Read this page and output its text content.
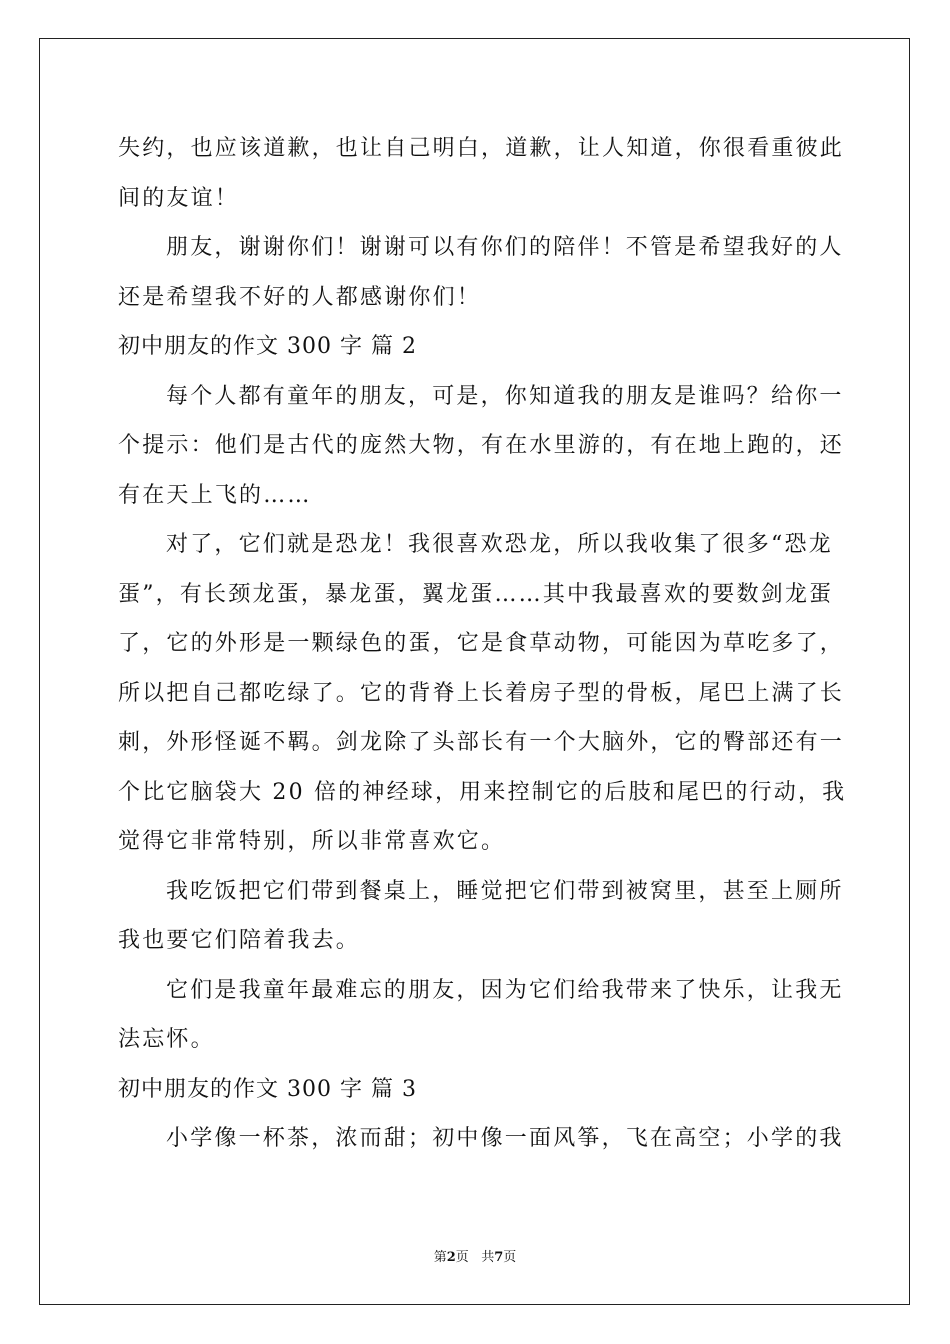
失约，也应该道歉，也让自己明白，道歉，让人知道，你很看重彼此
间的友谊！
朋友，谢谢你们！谢谢可以有你们的陪伴！不管是希望我好的人
还是希望我不好的人都感谢你们！
初中朋友的作文 300 字 篇 2
每个人都有童年的朋友，可是，你知道我的朋友是谁吗？给你一
个提示：他们是古代的庞然大物，有在水里游的，有在地上跑的，还
有在天上飞的……
对了，它们就是恐龙！我很喜欢恐龙，所以我收集了很多“恐龙
蛋”，有长颈龙蛋，暴龙蛋，翼龙蛋……其中我最喜欢的要数剑龙蛋
了，它的外形是一颗绿色的蛋，它是食草动物，可能因为草吃多了，
所以把自己都吃绿了。它的背脊上长着房子型的骨板，尾巴上满了长
刺，外形怪诞不羁。剑龙除了头部长有一个大脑外，它的臀部还有一
个比它脑袋大 20 倍的神经球，用来控制它的后肢和尾巴的行动，我
觉得它非常特别，所以非常喜欢它。
我吃饭把它们带到餐桌上，睡觉把它们带到被窝里，甚至上厕所
我也要它们陪着我去。
它们是我童年最难忘的朋友，因为它们给我带来了快乐，让我无
法忘怀。
初中朋友的作文 300 字 篇 3
小学像一杯茶，浓而甜；初中像一面风筝，飞在高空；小学的我
第2页 共7页
